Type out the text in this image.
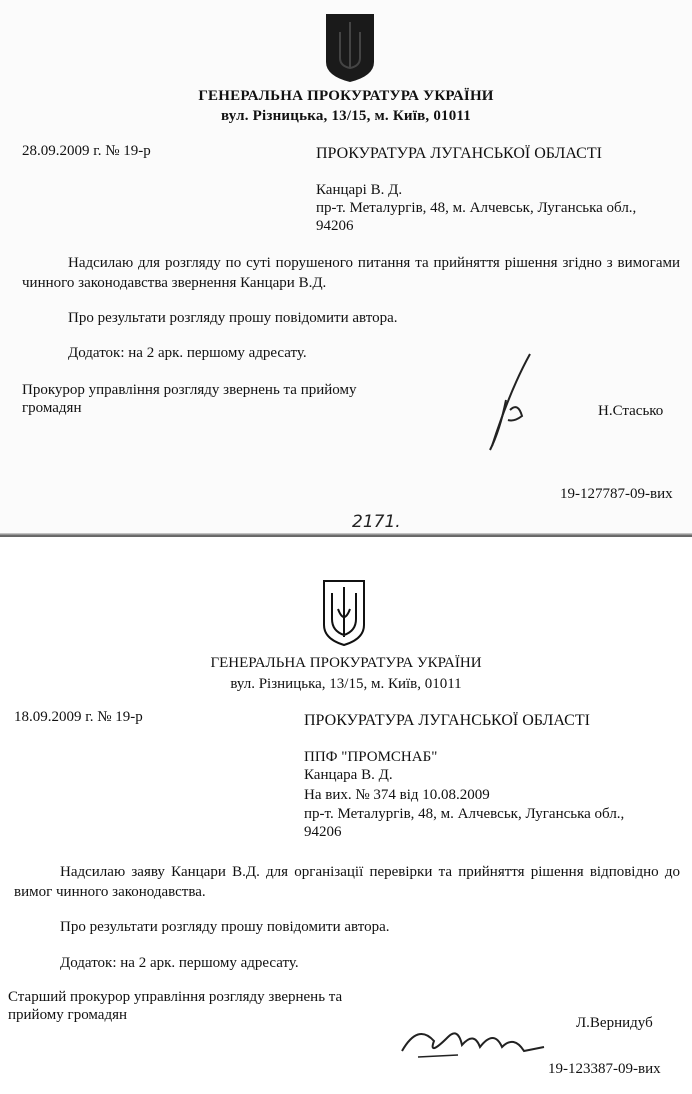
ГЕНЕРАЛЬНА ПРОКУРАТУРА УКРАЇНИ
вул. Різницька, 13/15, м. Київ, 01011
28.09.2009 г. № 19-р	ПРОКУРАТУРА ЛУГАНСЬКОЇ ОБЛАСТІ
Канцарі В. Д.
пр-т. Металургів, 48, м. Алчевськ, Луганська обл.,
94206
Надсилаю для розгляду по суті порушеного питання та прийняття рішення згідно з вимогами чинного законодавства звернення Канцари В.Д.
Про результати розгляду прошу повідомити автора.
Додаток: на 2 арк. першому адресату.
Прокурор управління розгляду звернень та прийому
громадян	Н.Стасько
19-127787-09-вих
2171.
ГЕНЕРАЛЬНА ПРОКУРАТУРА УКРАЇНИ
вул. Різницька, 13/15, м. Київ, 01011
18.09.2009 г. № 19-р	ПРОКУРАТУРА ЛУГАНСЬКОЇ ОБЛАСТІ
ППФ "ПРОМСНАБ"
Канцара В. Д.
На вих. № 374 від 10.08.2009
пр-т. Металургів, 48, м. Алчевськ, Луганська обл.,
94206
Надсилаю заяву Канцари В.Д. для організації перевірки та прийняття рішення відповідно до вимог чинного законодавства.
Про результати розгляду прошу повідомити автора.
Додаток: на 2 арк. першому адресату.
Старший прокурор управління розгляду звернень та
прийому громадян	Л.Вернидуб
19-123387-09-вих
